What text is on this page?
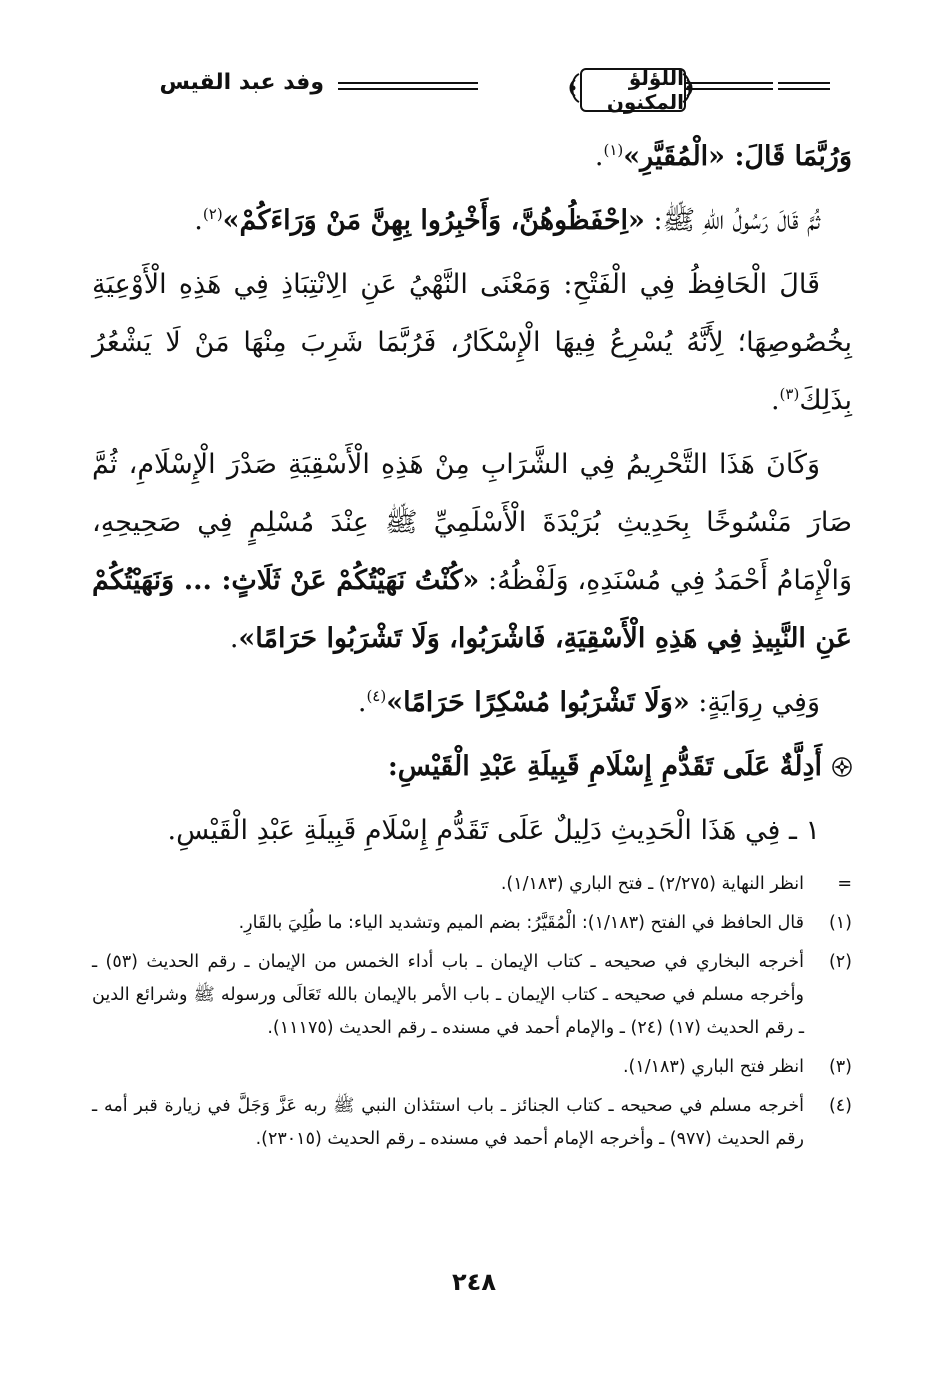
اللؤلؤ المكنون
وفد عبد القيس

وَرُبَّمَا قَالَ: «الْمُقَيَّرِ»$^{(١)}$.

ثُمَّ قَالَ رَسُولُ اللهِ ﷺ: «اِحْفَظُوهُنَّ، وَأَخْبِرُوا بِهِنَّ مَنْ وَرَاءَكُمْ»$^{(٢)}$.

قَالَ الْحَافِظُ فِي الْفَتْحِ: وَمَعْنَى النَّهْيُ عَنِ الِانْتِبَاذِ فِي هَذِهِ الْأَوْعِيَةِ بِخُصُوصِهَا؛ لِأَنَّهُ يُسْرِعُ فِيهَا الْإِسْكَارُ، فَرُبَّمَا شَرِبَ مِنْهَا مَنْ لَا يَشْعُرُ بِذَلِكَ$^{(٣)}$.

وَكَانَ هَذَا التَّحْرِيمُ فِي الشَّرَابِ مِنْ هَذِهِ الْأَسْقِيَةِ صَدْرَ الْإِسْلَامِ، ثُمَّ صَارَ مَنْسُوخًا بِحَدِيثِ بُرَيْدَةَ الْأَسْلَمِيِّ ﷺ عِنْدَ مُسْلِمٍ فِي صَحِيحِهِ، وَالْإِمَامُ أَحْمَدُ فِي مُسْنَدِهِ، وَلَفْظُهُ: «كُنْتُ نَهَيْتُكُمْ عَنْ ثَلَاثٍ: ... وَنَهَيْتُكُمْ عَنِ النَّبِيذِ فِي هَذِهِ الْأَسْقِيَةِ، فَاشْرَبُوا، وَلَا تَشْرَبُوا حَرَامًا».

وَفِي رِوَايَةٍ: «وَلَا تَشْرَبُوا مُسْكِرًا حَرَامًا»$^{(٤)}$.

أَدِلَّةٌ عَلَى تَقَدُّمِ إِسْلَامِ قَبِيلَةِ عَبْدِ الْقَيْسِ:

١ ـ فِي هَذَا الْحَدِيثِ دَلِيلٌ عَلَى تَقَدُّمِ إِسْلَامِ قَبِيلَةِ عَبْدِ الْقَيْسِ.

=
انظر النهاية (٢/٢٧٥) ـ فتح الباري (١/١٨٣).
(١)
قال الحافظ في الفتح (١/١٨٣): الْمُقَيَّرُ: بضم الميم وتشديد الياء: ما طُلِيَ بالقَارِ.
(٢)
أخرجه البخاري في صحيحه ـ كتاب الإيمان ـ باب أداء الخمس من الإيمان ـ رقم الحديث (٥٣) ـ وأخرجه مسلم في صحيحه ـ كتاب الإيمان ـ باب الأمر بالإيمان بالله تَعَالَى ورسوله ﷺ وشرائع الدين ـ رقم الحديث (١٧) (٢٤) ـ والإمام أحمد في مسنده ـ رقم الحديث (١١١٧٥).
(٣)
انظر فتح الباري (١/١٨٣).
(٤)
أخرجه مسلم في صحيحه ـ كتاب الجنائز ـ باب استئذان النبي ﷺ ربه عَزَّ وَجَلَّ في زيارة قبر أمه ـ رقم الحديث (٩٧٧) ـ وأخرجه الإمام أحمد في مسنده ـ رقم الحديث (٢٣٠١٥).
٢٤٨
